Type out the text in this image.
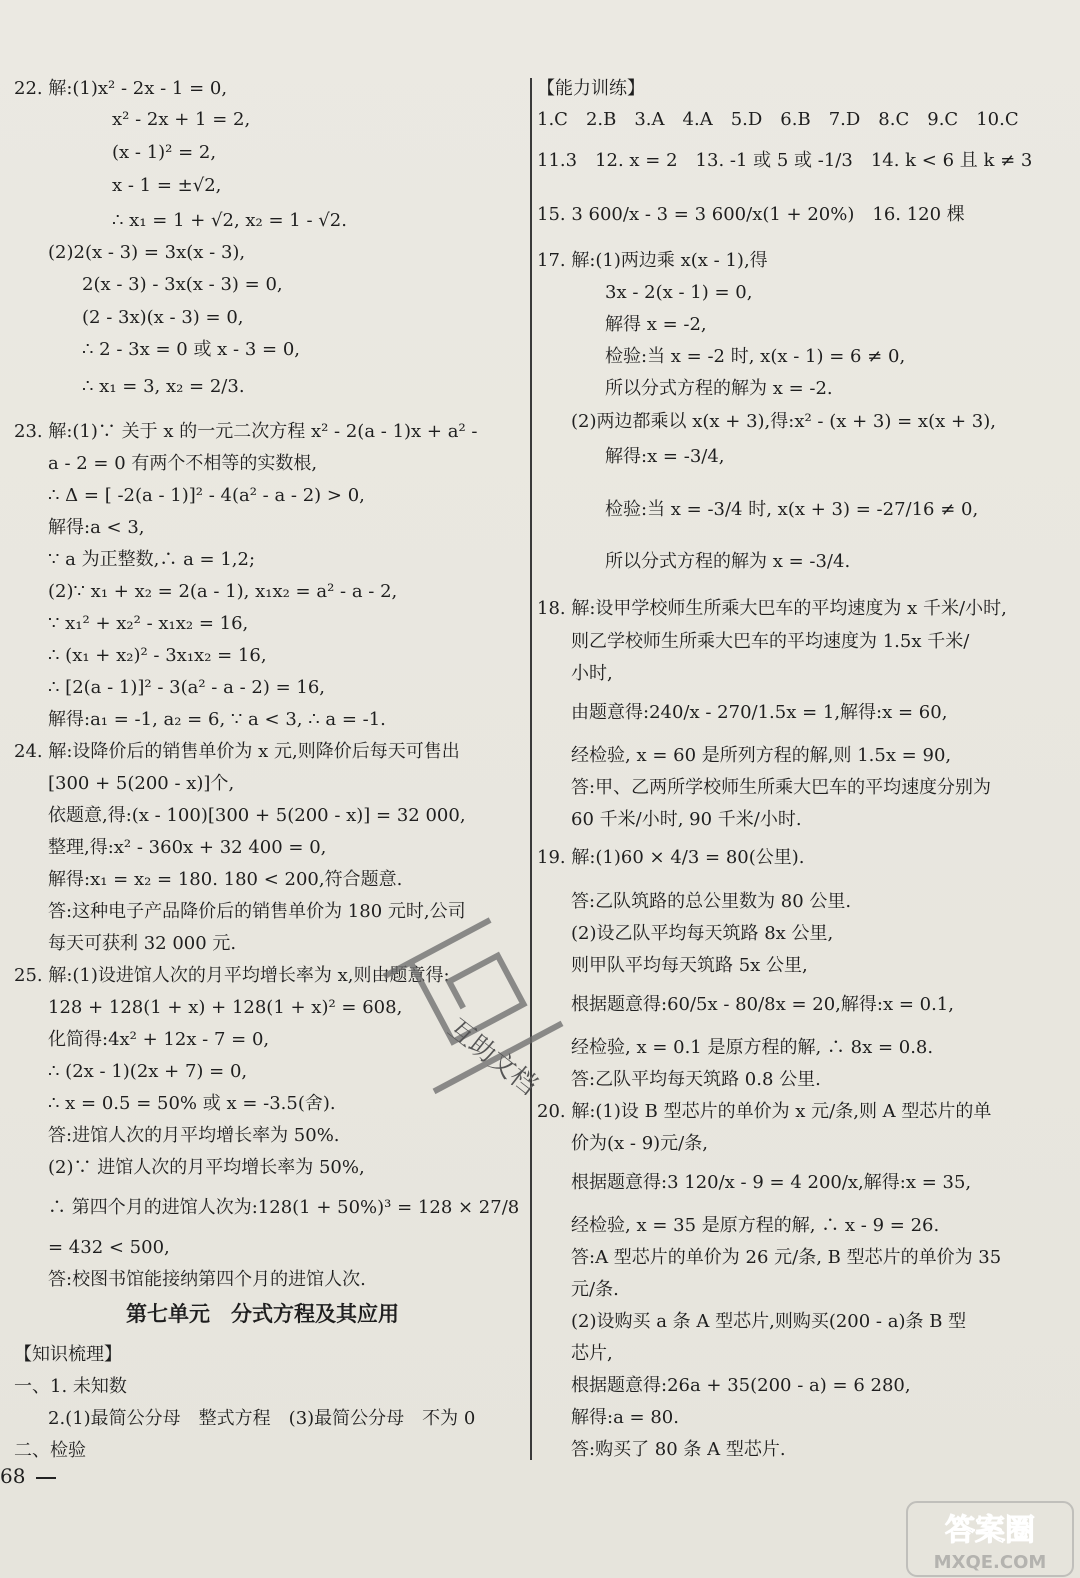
22. 解:(1)x² - 2x - 1 = 0,
x² - 2x + 1 = 2,
(x - 1)² = 2,
x - 1 = ±√2,
∴ x₁ = 1 + √2, x₂ = 1 - √2.
(2)2(x - 3) = 3x(x - 3),
2(x - 3) - 3x(x - 3) = 0,
(2 - 3x)(x - 3) = 0,
∴ 2 - 3x = 0 或 x - 3 = 0,
∴ x₁ = 3, x₂ = 2/3.
23. 解:(1)∵ 关于 x 的一元二次方程 x² - 2(a - 1)x + a² -
a - 2 = 0 有两个不相等的实数根,
∴ Δ = [ -2(a - 1)]² - 4(a² - a - 2) > 0,
解得:a < 3,
∵ a 为正整数,∴ a = 1,2;
(2)∵ x₁ + x₂ = 2(a - 1), x₁x₂ = a² - a - 2,
∵ x₁² + x₂² - x₁x₂ = 16,
∴ (x₁ + x₂)² - 3x₁x₂ = 16,
∴ [2(a - 1)]² - 3(a² - a - 2) = 16,
解得:a₁ = -1, a₂ = 6, ∵ a < 3, ∴ a = -1.
24. 解:设降价后的销售单价为 x 元,则降价后每天可售出
[300 + 5(200 - x)]个,
依题意,得:(x - 100)[300 + 5(200 - x)] = 32 000,
整理,得:x² - 360x + 32 400 = 0,
解得:x₁ = x₂ = 180. 180 < 200,符合题意.
答:这种电子产品降价后的销售单价为 180 元时,公司
每天可获利 32 000 元.
25. 解:(1)设进馆人次的月平均增长率为 x,则由题意得:
128 + 128(1 + x) + 128(1 + x)² = 608,
化简得:4x² + 12x - 7 = 0,
∴ (2x - 1)(2x + 7) = 0,
∴ x = 0.5 = 50% 或 x = -3.5(舍).
答:进馆人次的月平均增长率为 50%.
(2)∵ 进馆人次的月平均增长率为 50%,
∴ 第四个月的进馆人次为:128(1 + 50%)³ = 128 × 27/8
= 432 < 500,
答:校图书馆能接纳第四个月的进馆人次.
第七单元　分式方程及其应用
【知识梳理】
一、1. 未知数
2.(1)最简公分母　整式方程　(3)最简公分母　不为 0
二、检验
【能力训练】
1.C　2.B　3.A　4.A　5.D　6.B　7.D　8.C　9.C　10.C
11.3　12. x = 2　13. -1 或 5 或 -1/3　14. k < 6 且 k ≠ 3
15. 3 600/x - 3 = 3 600/x(1 + 20%)　16. 120 棵
17. 解:(1)两边乘 x(x - 1),得
3x - 2(x - 1) = 0,
解得 x = -2,
检验:当 x = -2 时, x(x - 1) = 6 ≠ 0,
所以分式方程的解为 x = -2.
(2)两边都乘以 x(x + 3),得:x² - (x + 3) = x(x + 3),
解得:x = -3/4,
检验:当 x = -3/4 时, x(x + 3) = -27/16 ≠ 0,
所以分式方程的解为 x = -3/4.
18. 解:设甲学校师生所乘大巴车的平均速度为 x 千米/小时,
则乙学校师生所乘大巴车的平均速度为 1.5x 千米/
小时,
由题意得:240/x - 270/1.5x = 1,解得:x = 60,
经检验, x = 60 是所列方程的解,则 1.5x = 90,
答:甲、乙两所学校师生所乘大巴车的平均速度分别为
60 千米/小时, 90 千米/小时.
19. 解:(1)60 × 4/3 = 80(公里).
答:乙队筑路的总公里数为 80 公里.
(2)设乙队平均每天筑路 8x 公里,
则甲队平均每天筑路 5x 公里,
根据题意得:60/5x - 80/8x = 20,解得:x = 0.1,
经检验, x = 0.1 是原方程的解, ∴ 8x = 0.8.
答:乙队平均每天筑路 0.8 公里.
20. 解:(1)设 B 型芯片的单价为 x 元/条,则 A 型芯片的单
价为(x - 9)元/条,
根据题意得:3 120/x - 9 = 4 200/x,解得:x = 35,
经检验, x = 35 是原方程的解, ∴ x - 9 = 26.
答:A 型芯片的单价为 26 元/条, B 型芯片的单价为 35
元/条.
(2)设购买 a 条 A 型芯片,则购买(200 - a)条 B 型
芯片,
根据题意得:26a + 35(200 - a) = 6 280,
解得:a = 80.
答:购买了 80 条 A 型芯片.
68
互助文档
答案圈
MXQE.COM
